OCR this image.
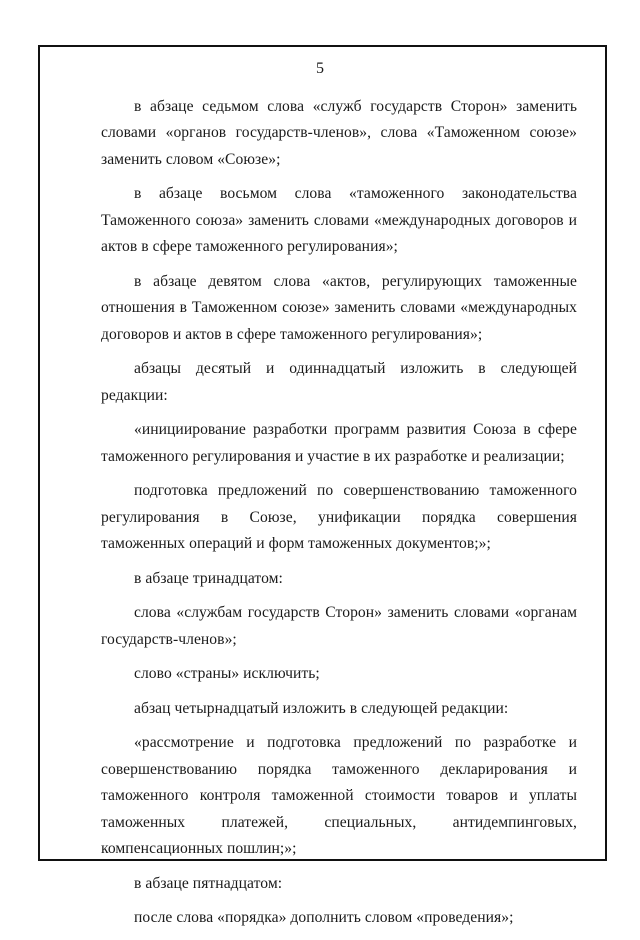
5

в абзаце седьмом слова «служб государств Сторон» заменить словами «органов государств-членов», слова «Таможенном союзе» заменить словом «Союзе»;

в абзаце восьмом слова «таможенного законодательства Таможенного союза» заменить словами «международных договоров и актов в сфере таможенного регулирования»;

в абзаце девятом слова «актов, регулирующих таможенные отношения в Таможенном союзе» заменить словами «международных договоров и актов в сфере таможенного регулирования»;

абзацы десятый и одиннадцатый изложить в следующей редакции:

«инициирование разработки программ развития Союза в сфере таможенного регулирования и участие в их разработке и реализации;

подготовка предложений по совершенствованию таможенного регулирования в Союзе, унификации порядка совершения таможенных операций и форм таможенных документов;»;

в абзаце тринадцатом:

слова «службам государств Сторон» заменить словами «органам государств-членов»;

слово «страны» исключить;

абзац четырнадцатый изложить в следующей редакции:

«рассмотрение и подготовка предложений по разработке и совершенствованию порядка таможенного декларирования и таможенного контроля таможенной стоимости товаров и уплаты таможенных платежей, специальных, антидемпинговых, компенсационных пошлин;»;

в абзаце пятнадцатом:

после слова «порядка» дополнить словом «проведения»;
